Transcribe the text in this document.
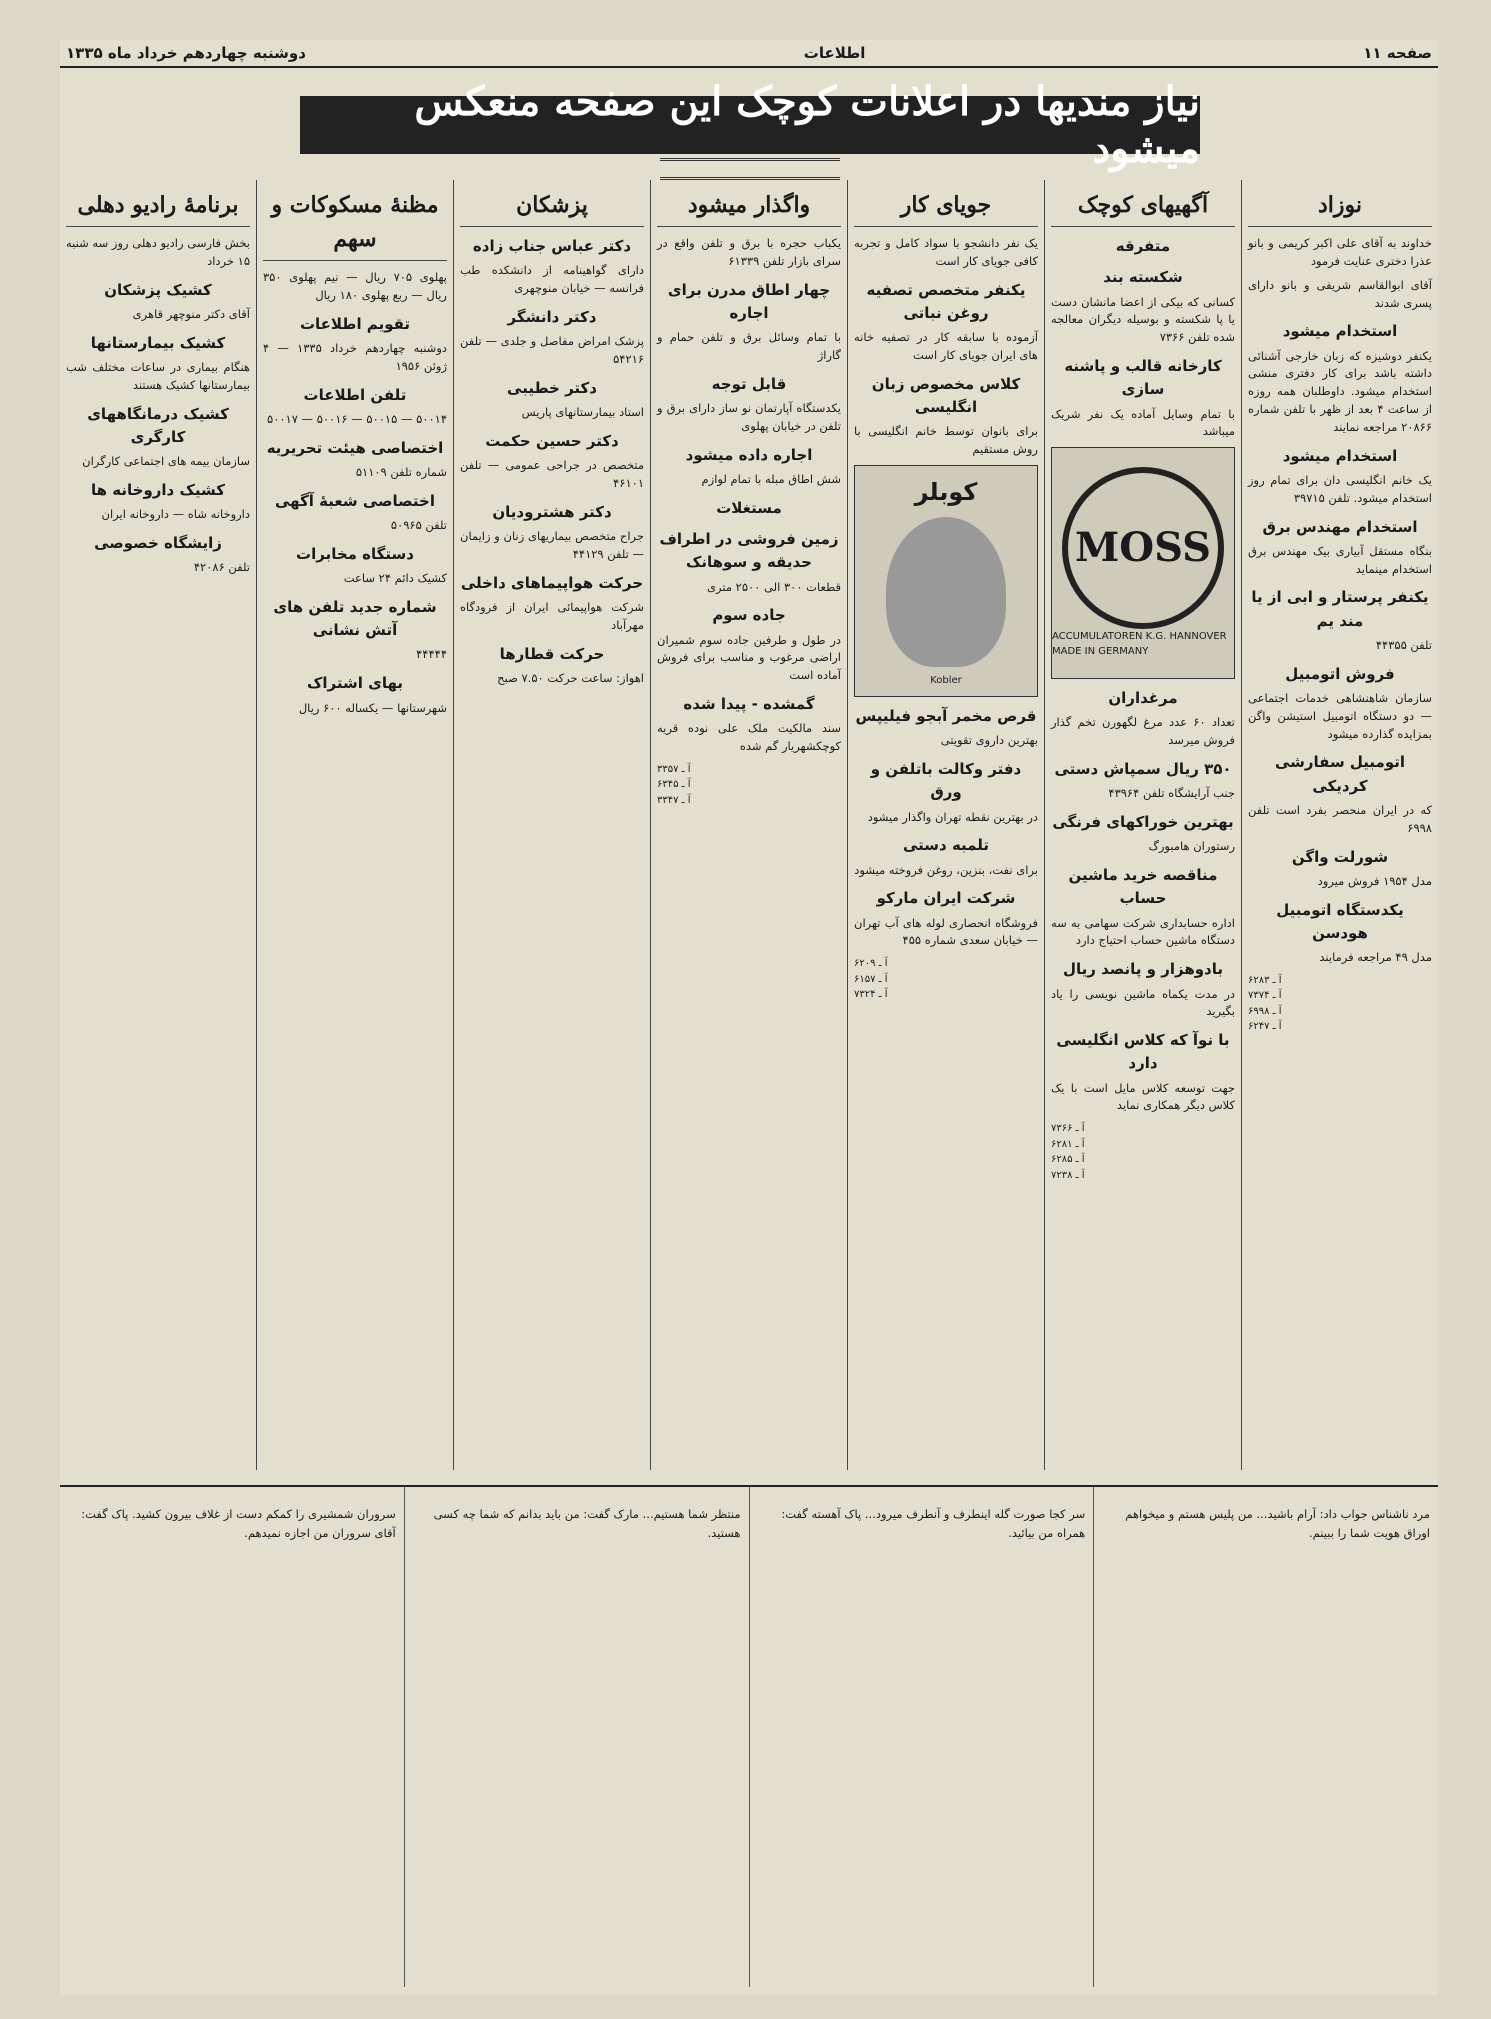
صفحه ۱۱
اطلاعات
دوشنبه چهاردهم خرداد ماه ۱۳۳۵
نیاز مندیها در اعلانات کوچک این صفحه منعکس میشود
نوزاد

خداوند به آقای علی اکبر کریمی و بانو عذرا دختری عنایت فرمود

آقای ابوالقاسم شریفی و بانو دارای پسری شدند

استخدام میشود

یکنفر دوشیزه که زبان خارجی آشنائی داشته باشد برای کار دفتری منشی استخدام میشود. داوطلبان همه روزه از ساعت ۴ بعد از ظهر با تلفن شماره ۲۰۸۶۶ مراجعه نمایند

استخدام میشود

یک خانم انگلیسی دان برای تمام روز استخدام میشود. تلفن ۳۹۷۱۵

استخدام مهندس برق

بنگاه مستقل آبیاری بیک مهندس برق استخدام مینماید

یکنفر پرستار و ابی از یا مند یم

تلفن ۴۴۳۵۵

فروش اتومبیل

سازمان شاهنشاهی خدمات اجتماعی — دو دستگاه اتومبیل استیشن واگن بمزایده گذارده میشود

اتومبیل سفارشی کردیکی

که در ایران منحصر بفرد است تلفن ۶۹۹۸

شورلت واگن

مدل ۱۹۵۴ فروش میرود

یکدستگاه اتومبیل هودسن

مدل ۴۹ مراجعه فرمایند

آ ـ ۶۲۸۳
آ ـ ۷۳۷۴
آ ـ ۶۹۹۸
آ ـ ۶۲۴۷
آگهیهای کوچک
متفرقه
شکسته بند

کسانی که بیکی از اعضا مانشان دست یا پا شکسته و بوسیله دیگران معالجه شده تلفن ۷۳۶۶

کارخانه قالب و پاشنه سازی

با تمام وسایل آماده یک نفر شریک میباشد

MOSS
ACCUMULATOREN K.G. HANNOVER MADE IN GERMANY
مرغداران

تعداد ۶۰ عدد مرغ لگهورن تخم گذار فروش میرسد

۳۵۰ ریال سمپاش دستی

جنب آرایشگاه تلفن ۴۳۹۶۴

بهترین خوراکهای فرنگی

رستوران هامبورگ

مناقصه خرید ماشین حساب

اداره حسابداری شرکت سهامی به سه دستگاه ماشین حساب احتیاج دارد

بادوهزار و پانصد ریال

در مدت یکماه ماشین نویسی را یاد بگیرید

با نوآ که کلاس انگلیسی دارد

جهت توسعه کلاس مایل است با یک کلاس دیگر همکاری نماید

آ ـ ۷۳۶۶
آ ـ ۶۲۸۱
آ ـ ۶۲۸۵
آ ـ ۷۲۳۸
جویای کار

یک نفر دانشجو با سواد کامل و تجربه کافی جویای کار است

یکنفر متخصص تصفیه روغن نباتی

آزموده با سابقه کار در تصفیه خانه های ایران جویای کار است

کلاس مخصوص زبان انگلیسی

برای بانوان توسط خانم انگلیسی با روش مستقیم

کوبلر
Kobler
قرص مخمر آبجو فیلیپس

بهترین داروی تقویتی

دفتر وکالت باتلفن و ورق

در بهترین نقطه تهران واگذار میشود

تلمبه دستی

برای نفت، بنزین، روغن فروخته میشود

شرکت ایران مارکو

فروشگاه انحصاری لوله های آب تهران — خیابان سعدی شماره ۴۵۵

آ ـ ۶۲۰۹
آ ـ ۶۱۵۷
آ ـ ۷۳۲۴
واگذار میشود

یکباب حجره با برق و تلفن واقع در سرای بازار تلفن ۶۱۳۳۹

چهار اطاق مدرن برای اجاره

با تمام وسائل برق و تلفن حمام و گاراژ

قابل توجه

یکدستگاه آپارتمان نو ساز دارای برق و تلفن در خیابان پهلوی

اجاره داده میشود

شش اطاق مبله با تمام لوازم

مستغلات
زمین فروشی در اطراف حدیقه و سوهانک

قطعات ۳۰۰ الی ۲۵۰۰ متری

جاده سوم

در طول و طرفین جاده سوم شمیران اراضی مرغوب و مناسب برای فروش آماده است

گمشده - پیدا شده

سند مالکیت ملک علی نوده قریه کوچکشهریار گم شده

آ ـ ۳۳۵۷
آ ـ ۶۳۴۵
آ ـ ۳۳۴۷
پزشکان
دکتر عباس جناب زاده

دارای گواهینامه از دانشکده طب فرانسه — خیابان منوچهری

دکتر دانشگر

پزشک امراض مفاصل و جلدی — تلفن ۵۴۲۱۶

دکتر خطیبی

استاد بیمارستانهای پاریس

دکتر حسین حکمت

متخصص در جراحی عمومی — تلفن ۴۶۱۰۱

دکتر هشترودیان

جراح متخصص بیماریهای زنان و زایمان — تلفن ۴۴۱۲۹

حرکت هواپیماهای داخلی

شرکت هواپیمائی ایران از فرودگاه مهرآباد

حرکت قطارها

اهواز: ساعت حرکت ۷.۵۰ صبح

مظنهٔ مسکوکات و سهم

پهلوی ۷۰۵ ریال — نیم پهلوی ۳۵۰ ریال — ربع پهلوی ۱۸۰ ریال

تقویم اطلاعات

دوشنبه چهاردهم خرداد ۱۳۳۵ — ۴ ژوئن ۱۹۵۶

تلفن اطلاعات

۵۰۰۱۴ — ۵۰۰۱۵ — ۵۰۰۱۶ — ۵۰۰۱۷

اختصاصی هیئت تحریریه

شماره تلفن ۵۱۱۰۹

اختصاصی شعبهٔ آگهی

تلفن ۵۰۹۶۵

دستگاه مخابرات

کشیک دائم ۲۴ ساعت

شماره جدید تلفن های آتش نشانی

۴۴۴۴۴

بهای اشتراک

شهرستانها — یکساله ۶۰۰ ریال

برنامهٔ رادیو دهلی

بخش فارسی رادیو دهلی روز سه شنبه ۱۵ خرداد

کشیک پزشکان

آقای دکتر منوچهر قاهری

کشیک بیمارستانها

هنگام بیماری در ساعات مختلف شب بیمارستانها کشیک هستند

کشیک درمانگاههای کارگری

سازمان بیمه های اجتماعی کارگران

کشیک داروخانه ها

داروخانه شاه — داروخانه ایران

زایشگاه خصوصی

تلفن ۴۲۰۸۶

مرد ناشناس جواب داد: آرام باشید... من پلیس هستم و میخواهم اوراق هویت شما را ببینم.

سر کجا صورت گله اینطرف و آنطرف میرود... پاک آهسته گفت: همراه من بیائید.

منتظر شما هستیم... مارک گفت: من باید بدانم که شما چه کسی هستید.

سروران شمشیری را کمکم دست از غلاف بیرون کشید. پاک گفت: آقای سروران من اجازه نمیدهم.
